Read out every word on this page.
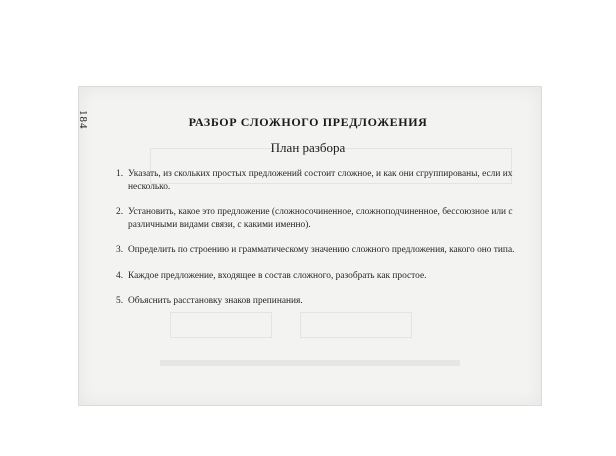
184	РАЗБОР СЛОЖНОГО ПРЕДЛОЖЕНИЯ
План разбора
1. Указать, из скольких простых предложений состоит сложное, и как они сгруппированы, если их несколько.
2. Установить, какое это предложение (сложносочиненное, сложноподчиненное, бессоюзное или с различными видами связи, с какими именно).
3. Определить по строению и грамматическому значению сложного предложения, какого оно типа.
4. Каждое предложение, входящее в состав сложного, разобрать как простое.
5. Объяснить расстановку знаков препинания.
